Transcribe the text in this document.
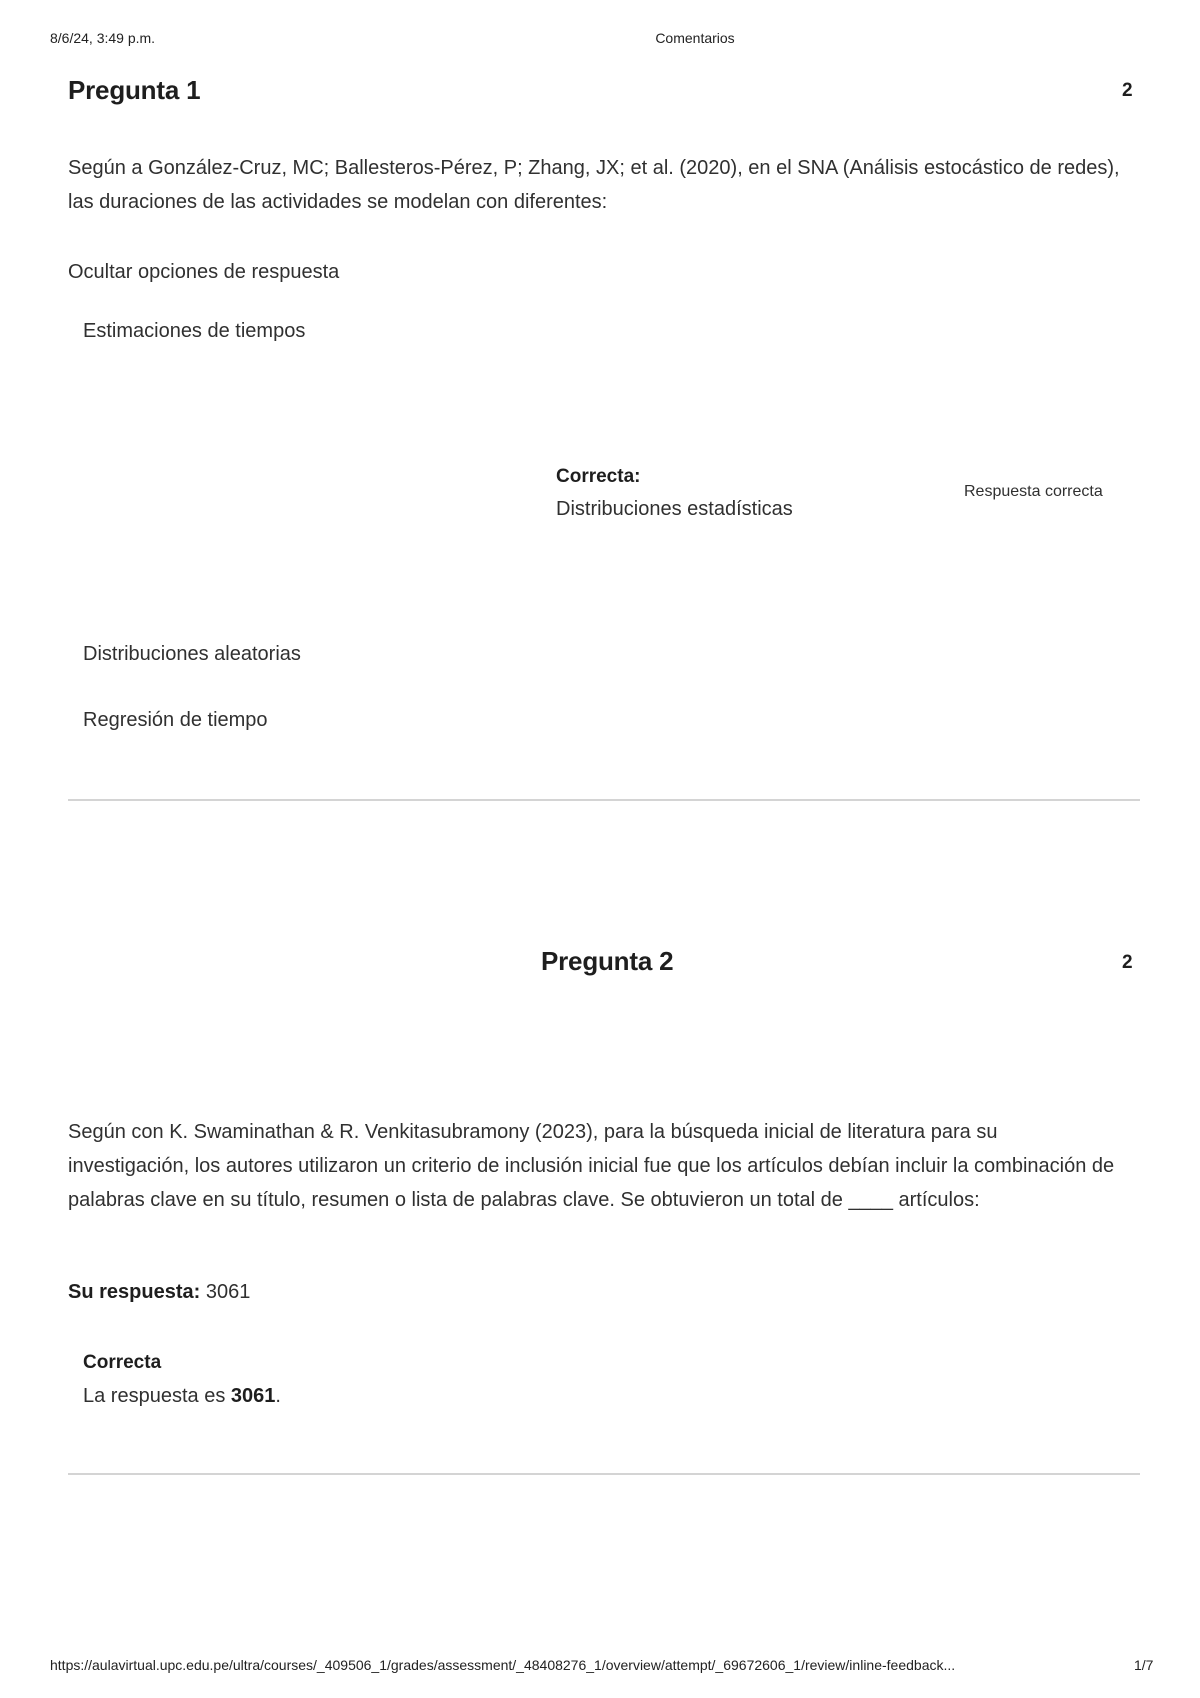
8/6/24, 3:49 p.m.	Comentarios
Pregunta 1	2
Según a González-Cruz, MC; Ballesteros-Pérez, P; Zhang, JX; et al. (2020), en el SNA (Análisis estocástico de redes), las duraciones de las actividades se modelan con diferentes:
Ocultar opciones de respuesta
Estimaciones de tiempos
Correcta:
Distribuciones estadísticas
Respuesta correcta
Distribuciones aleatorias
Regresión de tiempo
Pregunta 2	2
Según con K. Swaminathan & R. Venkitasubramony (2023), para la búsqueda inicial de literatura para su investigación, los autores utilizaron un criterio de inclusión inicial fue que los artículos debían incluir la combinación de palabras clave en su título, resumen o lista de palabras clave. Se obtuvieron un total de ____ artículos:
Su respuesta: 3061
Correcta
La respuesta es 3061.
https://aulavirtual.upc.edu.pe/ultra/courses/_409506_1/grades/assessment/_48408276_1/overview/attempt/_69672606_1/review/inline-feedback...	1/7
